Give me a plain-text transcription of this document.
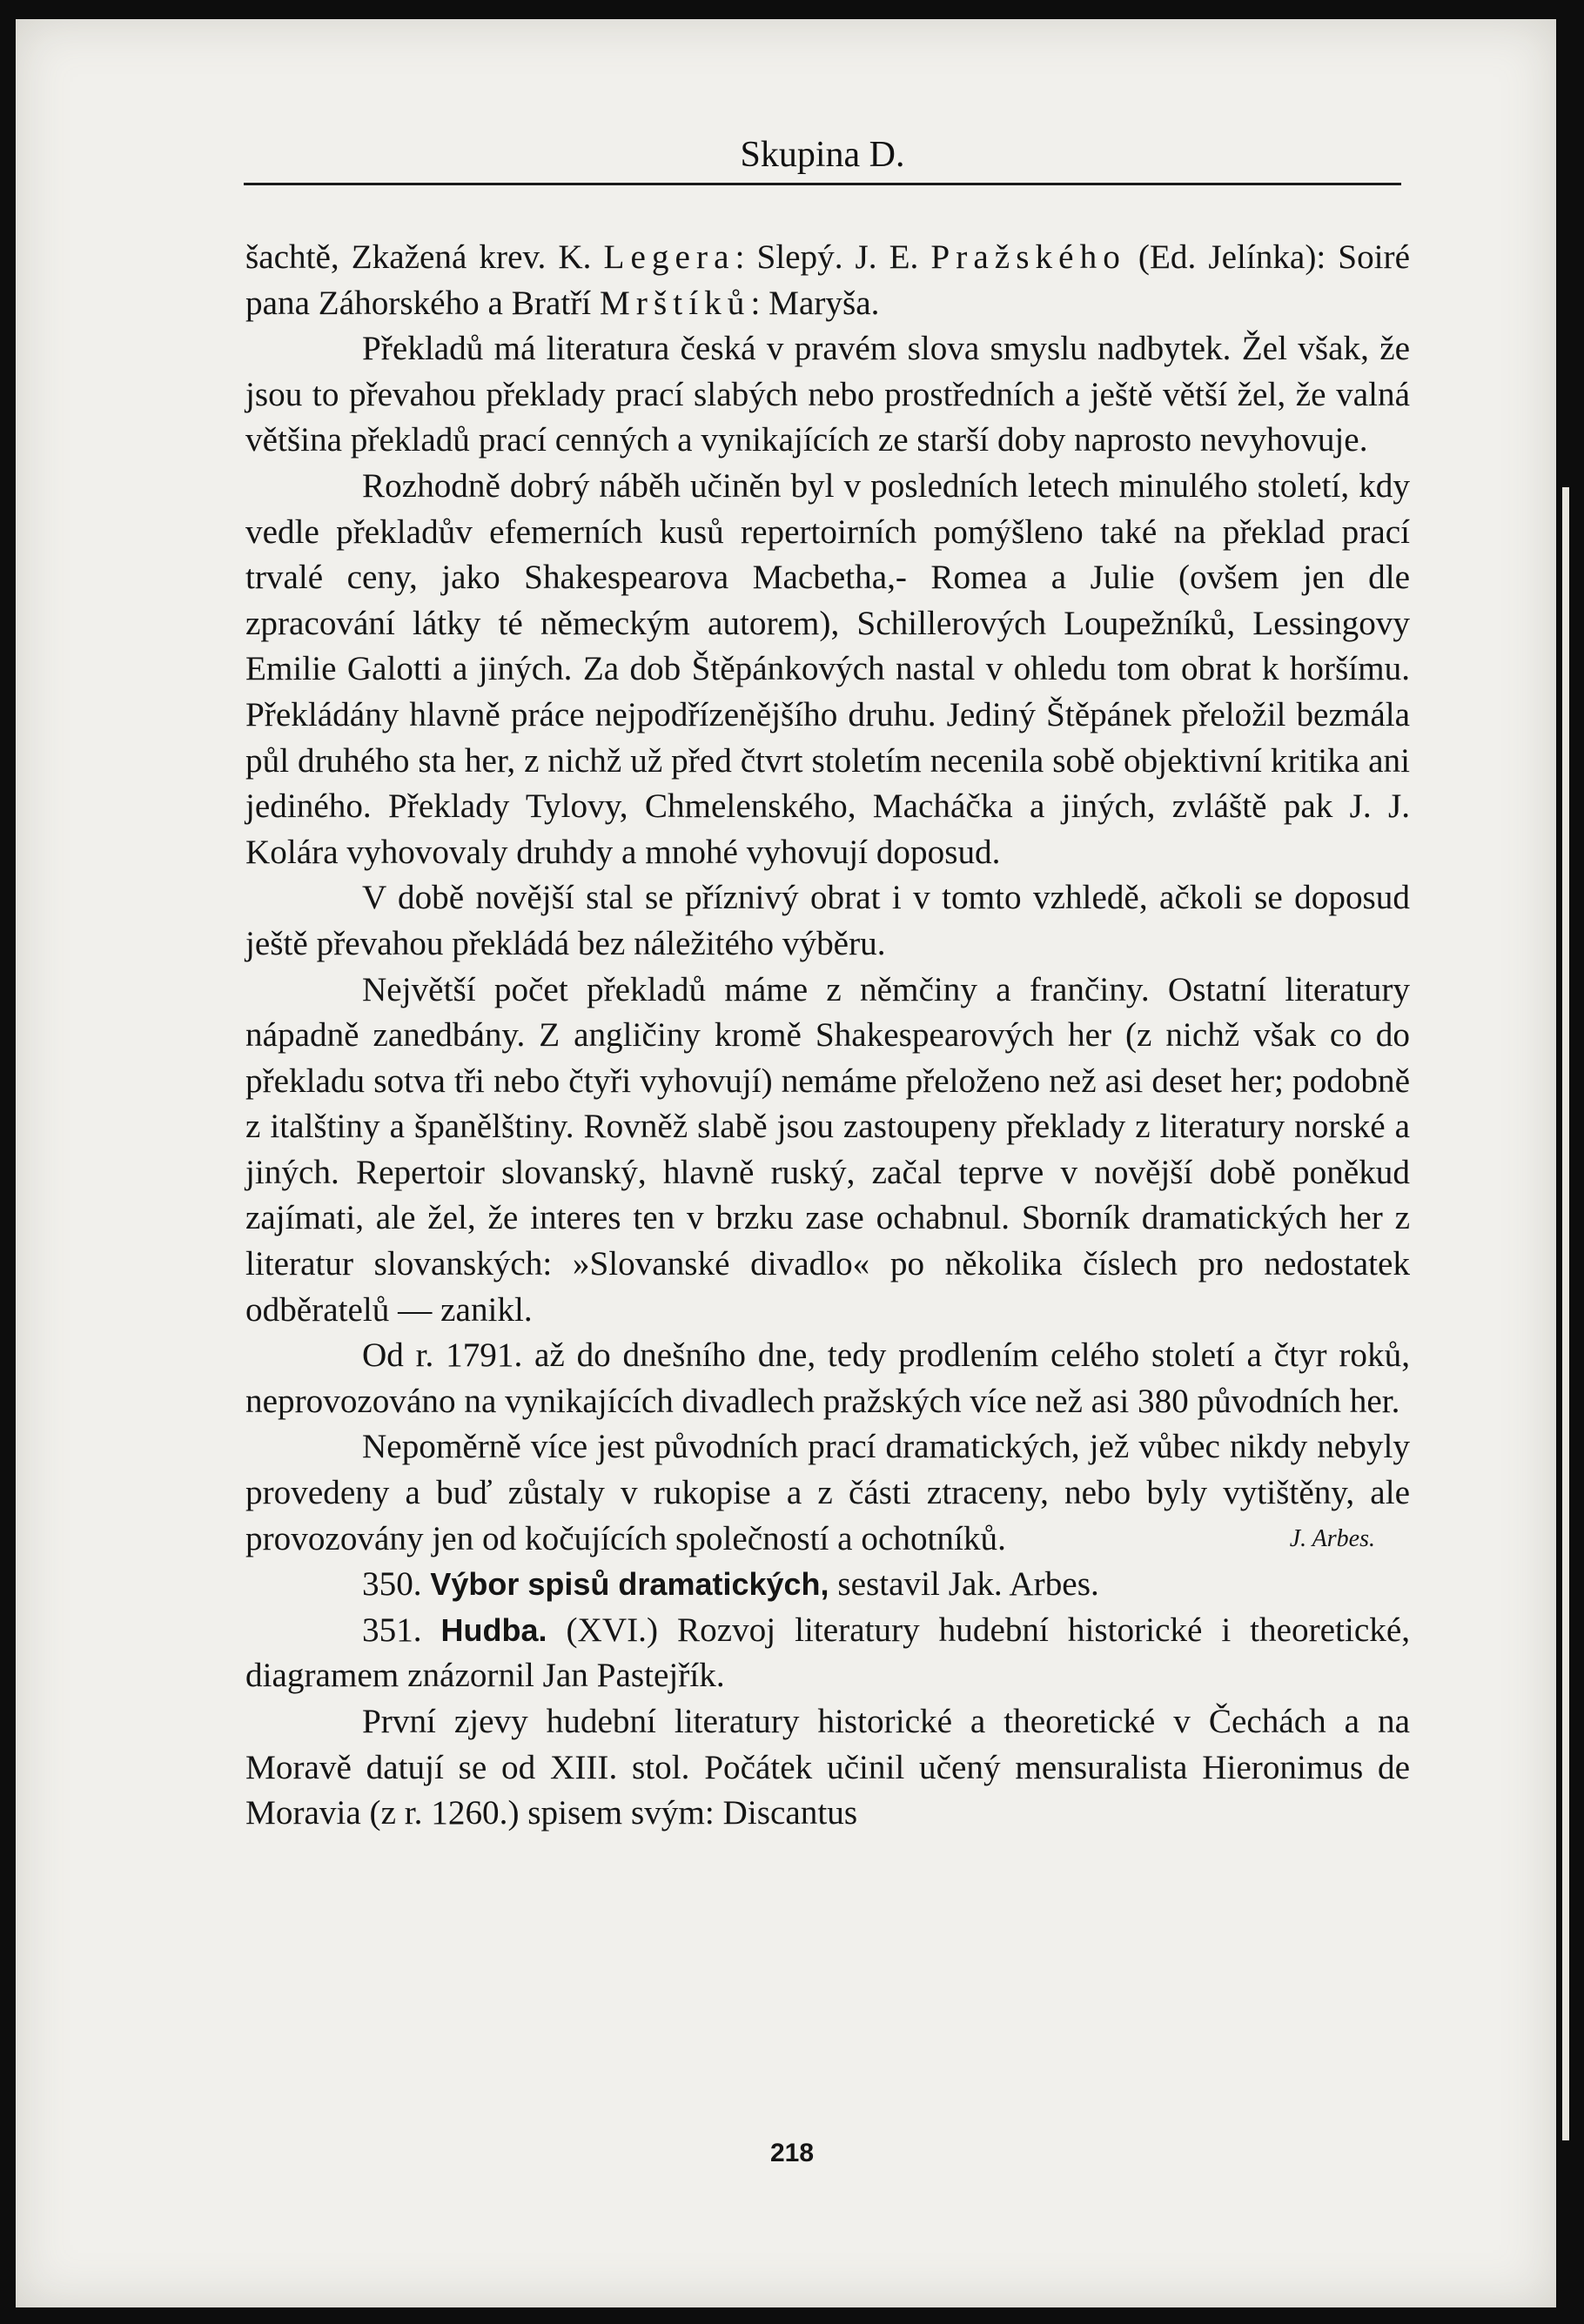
Skupina D.

šachtě, Zkažená krev. K. Legera: Slepý. J. E. Pražského (Ed. Jelínka): Soiré pana Záhorského a Bratří Mrštíků: Maryša.

Překladů má literatura česká v pravém slova smyslu nadbytek. Žel však, že jsou to převahou překlady prací slabých nebo prostředních a ještě větší žel, že valná většina překladů prací cenných a vynikajících ze starší doby naprosto nevyhovuje.

Rozhodně dobrý náběh učiněn byl v posledních letech minulého století, kdy vedle překladův efemerních kusů repertoirních pomýšleno také na překlad prací trvalé ceny, jako Shakespearova Macbetha,- Romea a Julie (ovšem jen dle zpracování látky té německým autorem), Schillerových Loupežníků, Lessingovy Emilie Galotti a jiných. Za dob Štěpánkových nastal v ohledu tom obrat k horšímu. Překládány hlavně práce nejpodřízenějšího druhu. Jediný Štěpánek přeložil bezmála půl druhého sta her, z nichž už před čtvrt stoletím necenila sobě objektivní kritika ani jediného. Překlady Tylovy, Chmelenského, Macháčka a jiných, zvláště pak J. J. Kolára vyhovovaly druhdy a mnohé vyhovují doposud.

V době novější stal se příznivý obrat i v tomto vzhledě, ačkoli se doposud ještě převahou překládá bez náležitého výběru.

Největší počet překladů máme z němčiny a frančiny. Ostatní literatury nápadně zanedbány. Z angličiny kromě Shakespearových her (z nichž však co do překladu sotva tři nebo čtyři vyhovují) nemáme přeloženo než asi deset her; podobně z italštiny a španělštiny. Rovněž slabě jsou zastoupeny překlady z literatury norské a jiných. Repertoir slovanský, hlavně ruský, začal teprve v novější době poněkud zajímati, ale žel, že interes ten v brzku zase ochabnul. Sborník dramatických her z literatur slovanských: »Slovanské divadlo« po několika číslech pro nedostatek odběratelů — zanikl.

Od r. 1791. až do dnešního dne, tedy prodlením celého století a čtyr roků, neprovozováno na vynikajících divadlech pražských více než asi 380 původních her.

Nepoměrně více jest původních prací dramatických, jež vůbec nikdy nebyly provedeny a buď zůstaly v rukopise a z části ztraceny, nebo byly vytištěny, ale provozovány jen od kočujících společností a ochotníků.	J. Arbes.

350. Výbor spisů dramatických, sestavil Jak. Arbes.

351. Hudba. (XVI.) Rozvoj literatury hudební historické i theoretické, diagramem znázornil Jan Pastejřík.

První zjevy hudební literatury historické a theoretické v Čechách a na Moravě datují se od XIII. stol. Počátek učinil učený mensuralista Hieronimus de Moravia (z r. 1260.) spisem svým: Discantus

218
